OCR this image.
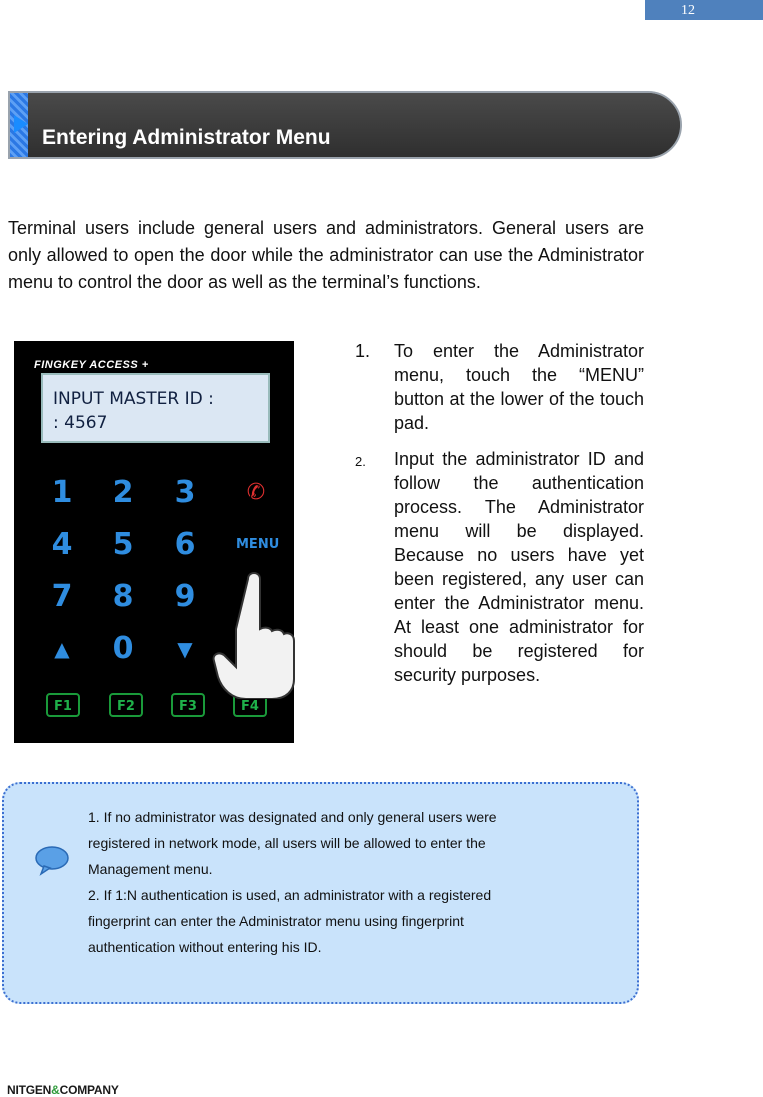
12
Entering Administrator Menu
Terminal users include general users and administrators. General users are only allowed to open the door while the administrator can use the Administrator menu to control the door as well as the terminal’s functions.
FINGKEY ACCESS +
INPUT MASTER ID :
: 4567
1	2	3
4	5	6
7	8	9
▲	0	▼
F1	F2	F3	F4
✆
MENU
1. To enter the Administrator menu, touch the “MENU” button at the lower of the touch pad.
2. Input the administrator ID and follow the authentication process. The Administrator menu will be displayed. Because no users have yet been registered, any user can enter the Administrator menu. At least one administrator for should be registered for security purposes.
1. If no administrator was designated and only general users were
registered in network mode, all users will be allowed to enter the
Management menu.
2. If 1:N authentication is used, an administrator with a registered
fingerprint can enter the Administrator menu using fingerprint
authentication without entering his ID.
NITGEN&COMPANY
